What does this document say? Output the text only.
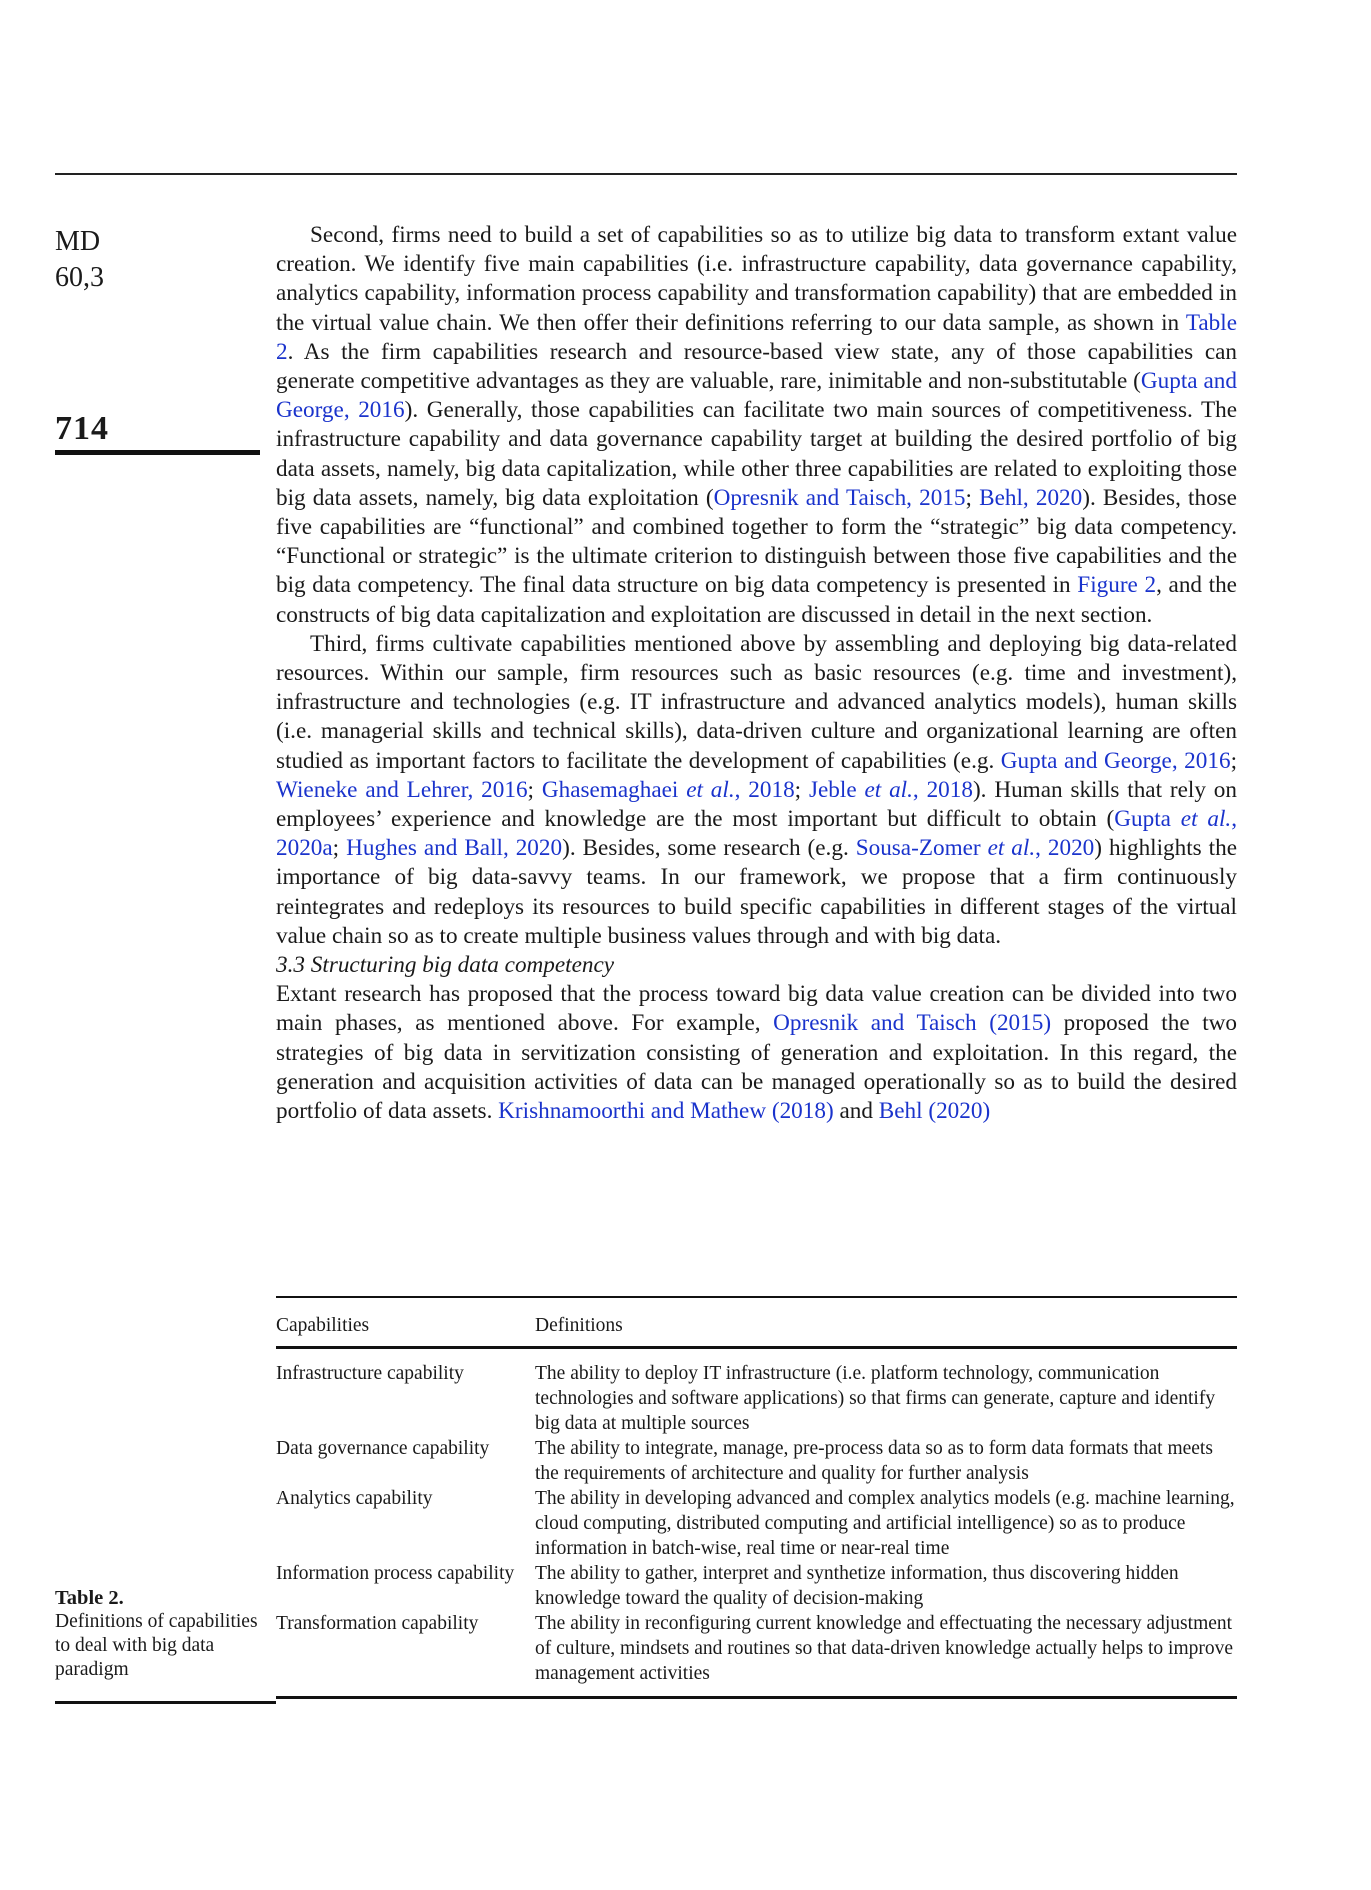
MD
60,3
714

Second, firms need to build a set of capabilities so as to utilize big data to transform extant value creation. We identify five main capabilities (i.e. infrastructure capability, data governance capability, analytics capability, information process capability and transformation capability) that are embedded in the virtual value chain. We then offer their definitions referring to our data sample, as shown in Table 2. As the firm capabilities research and resource-based view state, any of those capabilities can generate competitive advantages as they are valuable, rare, inimitable and non-substitutable (Gupta and George, 2016). Generally, those capabilities can facilitate two main sources of competitiveness. The infrastructure capability and data governance capability target at building the desired portfolio of big data assets, namely, big data capitalization, while other three capabilities are related to exploiting those big data assets, namely, big data exploitation (Opresnik and Taisch, 2015; Behl, 2020). Besides, those five capabilities are “functional” and combined together to form the “strategic” big data competency. “Functional or strategic” is the ultimate criterion to distinguish between those five capabilities and the big data competency. The final data structure on big data competency is presented in Figure 2, and the constructs of big data capitalization and exploitation are discussed in detail in the next section.

Third, firms cultivate capabilities mentioned above by assembling and deploying big data-related resources. Within our sample, firm resources such as basic resources (e.g. time and investment), infrastructure and technologies (e.g. IT infrastructure and advanced analytics models), human skills (i.e. managerial skills and technical skills), data-driven culture and organizational learning are often studied as important factors to facilitate the development of capabilities (e.g. Gupta and George, 2016; Wieneke and Lehrer, 2016; Ghasemaghaei et al., 2018; Jeble et al., 2018). Human skills that rely on employees’ experience and knowledge are the most important but difficult to obtain (Gupta et al., 2020a; Hughes and Ball, 2020). Besides, some research (e.g. Sousa-Zomer et al., 2020) highlights the importance of big data-savvy teams. In our framework, we propose that a firm continuously reintegrates and redeploys its resources to build specific capabilities in different stages of the virtual value chain so as to create multiple business values through and with big data.

3.3 Structuring big data competency

Extant research has proposed that the process toward big data value creation can be divided into two main phases, as mentioned above. For example, Opresnik and Taisch (2015) proposed the two strategies of big data in servitization consisting of generation and exploitation. In this regard, the generation and acquisition activities of data can be managed operationally so as to build the desired portfolio of data assets. Krishnamoorthi and Mathew (2018) and Behl (2020)

Capabilities	Definitions
Infrastructure capability	The ability to deploy IT infrastructure (i.e. platform technology, communication technologies and software applications) so that firms can generate, capture and identify big data at multiple sources
Data governance capability	The ability to integrate, manage, pre-process data so as to form data formats that meets the requirements of architecture and quality for further analysis
Analytics capability	The ability in developing advanced and complex analytics models (e.g. machine learning, cloud computing, distributed computing and artificial intelligence) so as to produce information in batch-wise, real time or near-real time
Information process capability	The ability to gather, interpret and synthetize information, thus discovering hidden knowledge toward the quality of decision-making
Transformation capability	The ability in reconfiguring current knowledge and effectuating the necessary adjustment of culture, mindsets and routines so that data-driven knowledge actually helps to improve management activities
Table 2.
Definitions of capabilities to deal with big data paradigm
